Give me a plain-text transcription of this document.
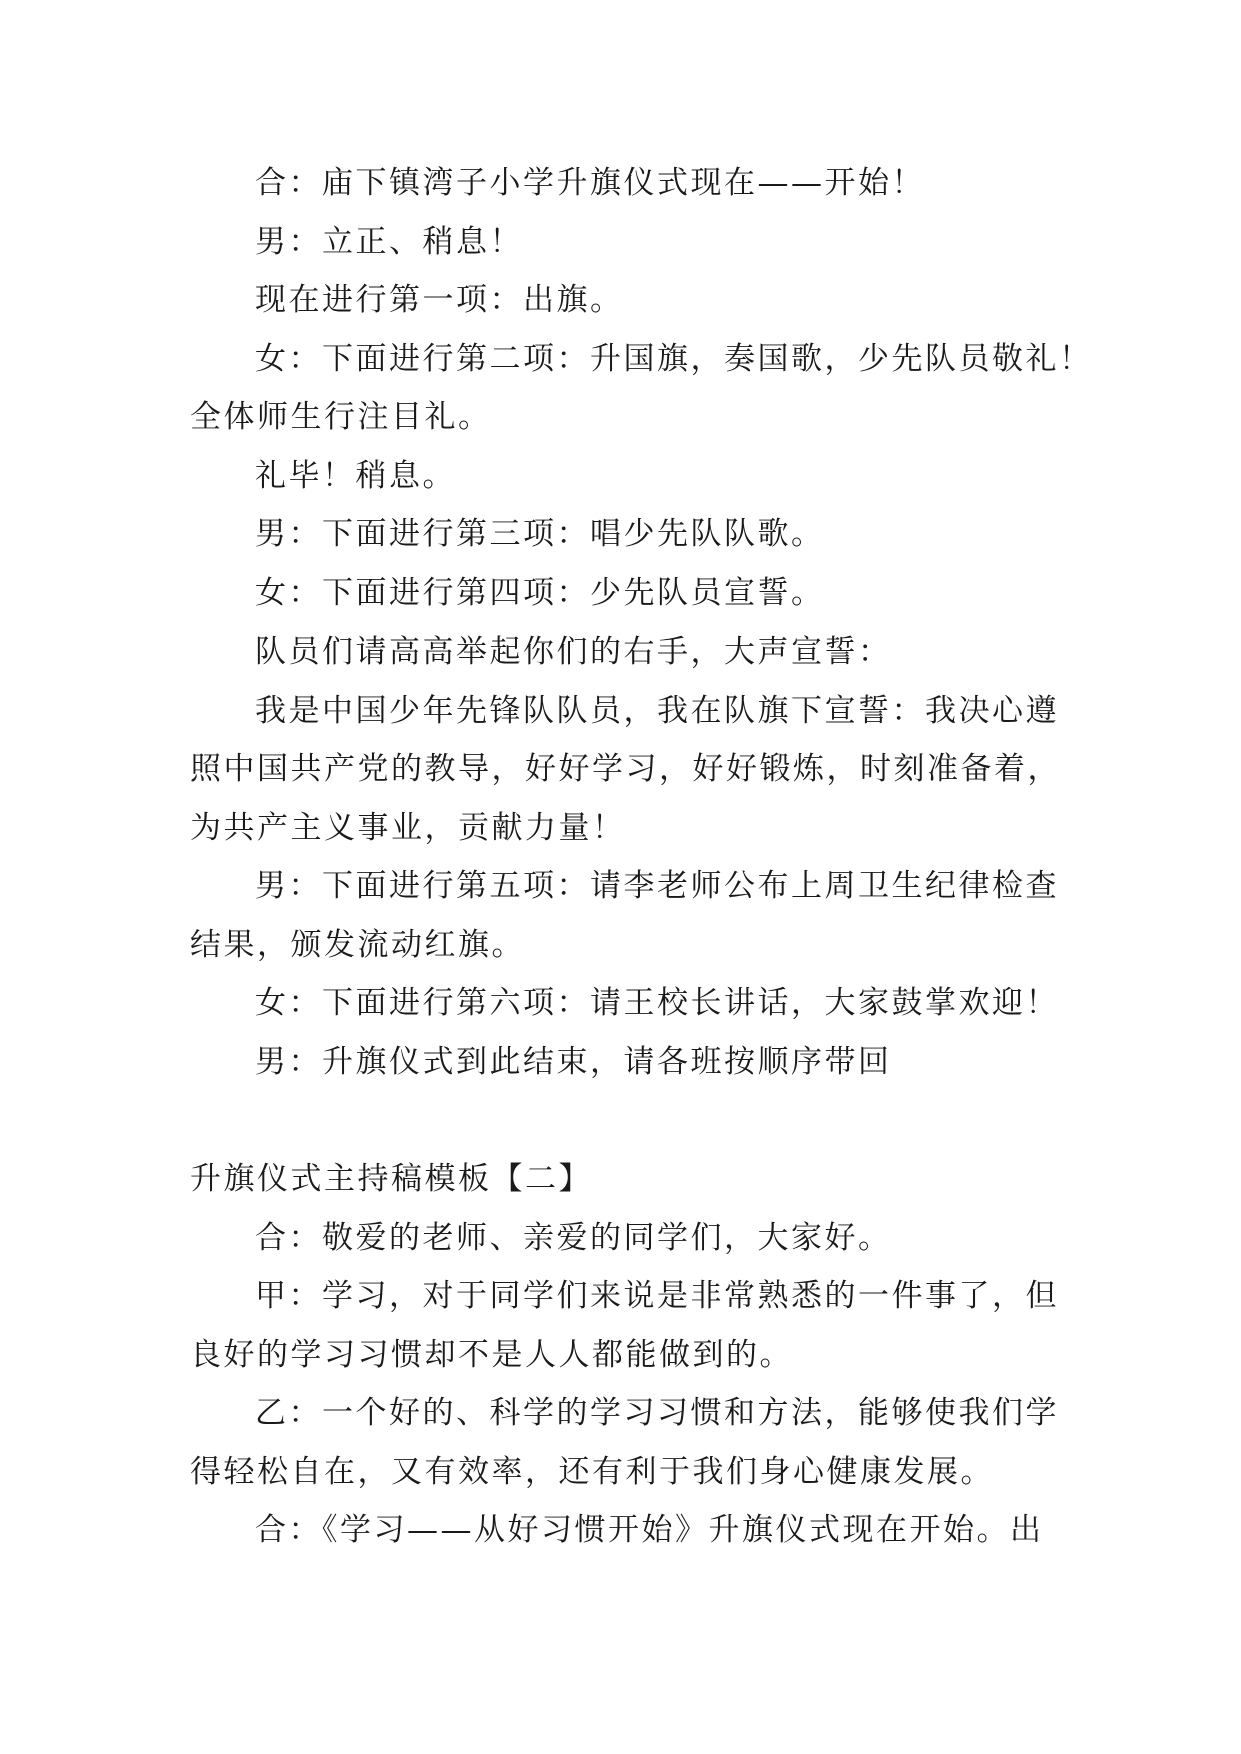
合：庙下镇湾子小学升旗仪式现在——开始！
男：立正、稍息！
现在进行第一项：出旗。
女：下面进行第二项：升国旗，奏国歌，少先队员敬礼！
全体师生行注目礼。
礼毕！稍息。
男：下面进行第三项：唱少先队队歌。
女：下面进行第四项：少先队员宣誓。
队员们请高高举起你们的右手，大声宣誓：
我是中国少年先锋队队员，我在队旗下宣誓：我决心遵
照中国共产党的教导，好好学习，好好锻炼，时刻准备着，
为共产主义事业，贡献力量！
男：下面进行第五项：请李老师公布上周卫生纪律检查
结果，颁发流动红旗。
女：下面进行第六项：请王校长讲话，大家鼓掌欢迎！
男：升旗仪式到此结束，请各班按顺序带回
升旗仪式主持稿模板【二】
合：敬爱的老师、亲爱的同学们，大家好。
甲：学习，对于同学们来说是非常熟悉的一件事了，但
良好的学习习惯却不是人人都能做到的。
乙：一个好的、科学的学习习惯和方法，能够使我们学
得轻松自在，又有效率，还有利于我们身心健康发展。
合：《学习——从好习惯开始》升旗仪式现在开始。出
